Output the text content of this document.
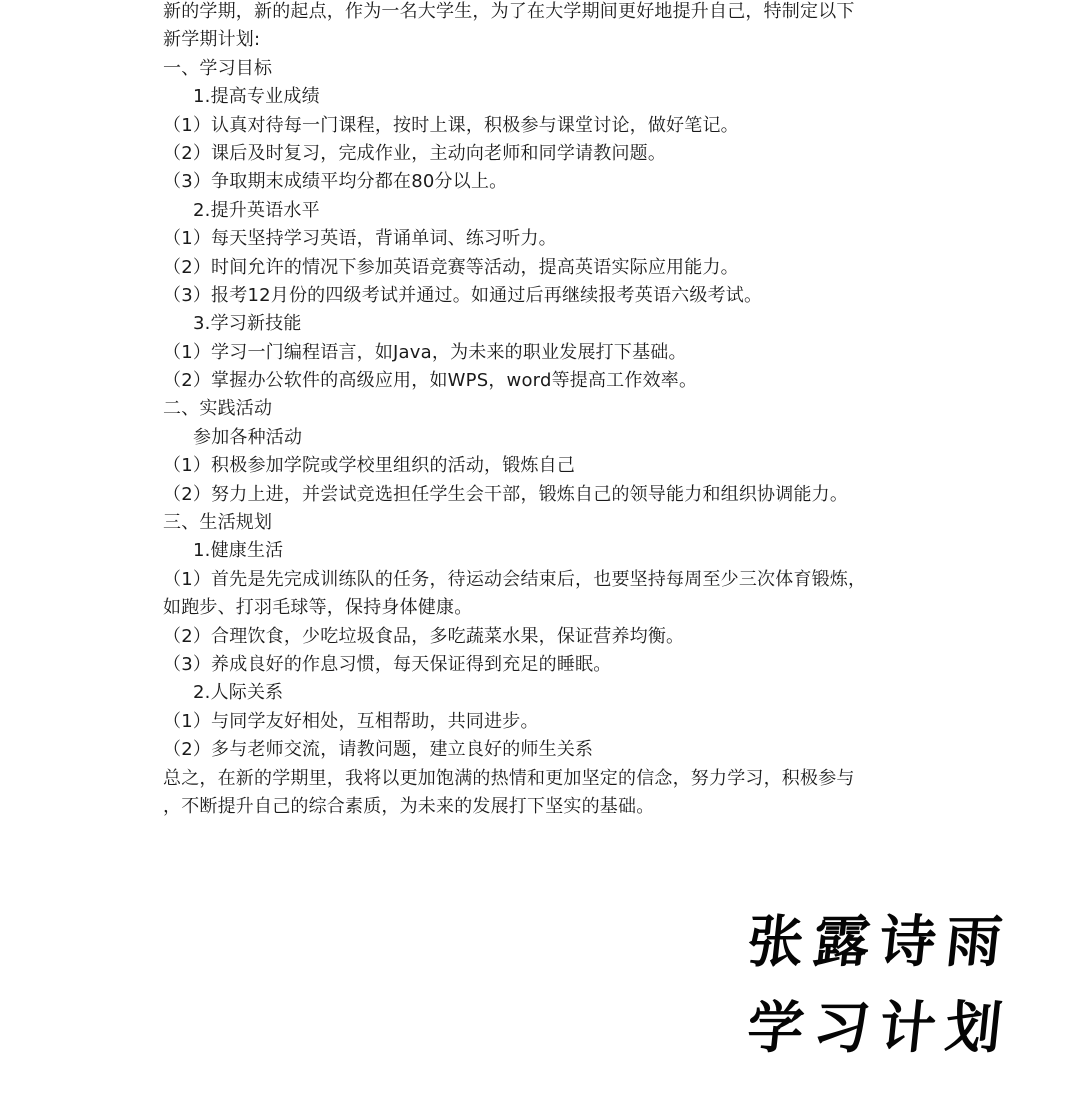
新的学期，新的起点，作为一名大学生，为了在大学期间更好地提升自己，特制定以下
新学期计划:
一、学习目标
1.提高专业成绩
（1）认真对待每一门课程，按时上课，积极参与课堂讨论，做好笔记。
（2）课后及时复习，完成作业，主动向老师和同学请教问题。
（3）争取期末成绩平均分都在80分以上。
2.提升英语水平
（1）每天坚持学习英语，背诵单词、练习听力。
（2）时间允许的情况下参加英语竞赛等活动，提高英语实际应用能力。
（3）报考12月份的四级考试并通过。如通过后再继续报考英语六级考试。
3.学习新技能
（1）学习一门编程语言，如Java，为未来的职业发展打下基础。
（2）掌握办公软件的高级应用，如WPS，word等提高工作效率。
二、实践活动
参加各种活动
（1）积极参加学院或学校里组织的活动，锻炼自己
（2）努力上进，并尝试竞选担任学生会干部，锻炼自己的领导能力和组织协调能力。
三、生活规划
1.健康生活
（1）首先是先完成训练队的任务，待运动会结束后，也要坚持每周至少三次体育锻炼，
如跑步、打羽毛球等，保持身体健康。
（2）合理饮食，少吃垃圾食品，多吃蔬菜水果，保证营养均衡。
（3）养成良好的作息习惯，每天保证得到充足的睡眠。
2.人际关系
（1）与同学友好相处，互相帮助，共同进步。
（2）多与老师交流，请教问题，建立良好的师生关系
总之，在新的学期里，我将以更加饱满的热情和更加坚定的信念，努力学习，积极参与
，不断提升自己的综合素质，为未来的发展打下坚实的基础。
张露诗雨
学习计划
